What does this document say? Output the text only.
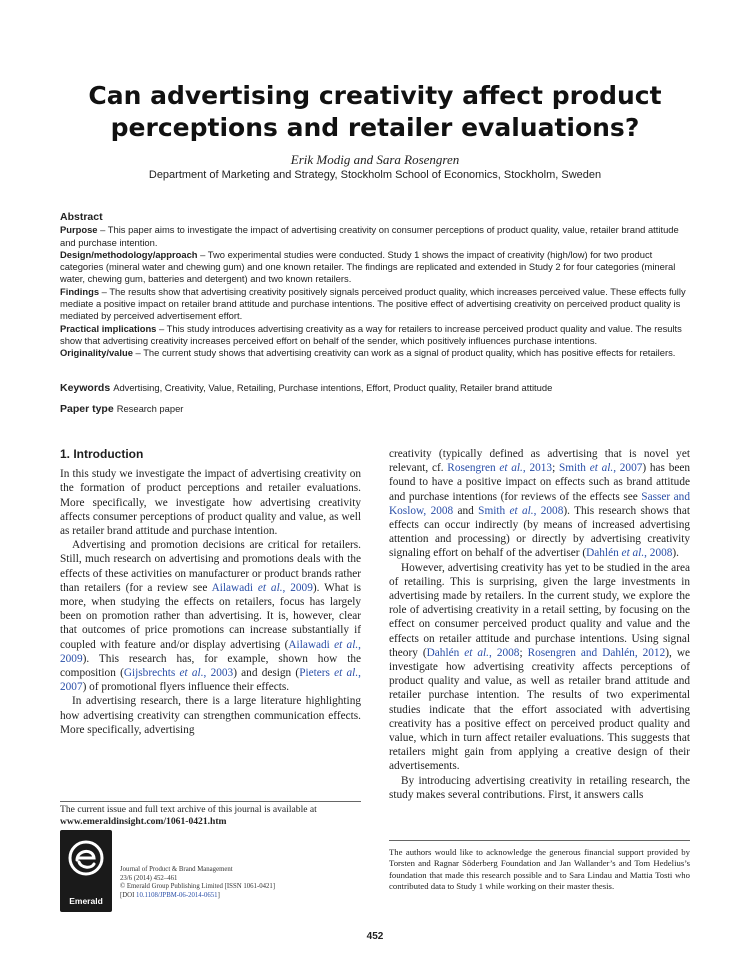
Can advertising creativity affect product
perceptions and retailer evaluations?
Erik Modig and Sara Rosengren
Department of Marketing and Strategy, Stockholm School of Economics, Stockholm, Sweden
Abstract

Purpose – This paper aims to investigate the impact of advertising creativity on consumer perceptions of product quality, value, retailer brand attitude and purchase intention.

Design/methodology/approach – Two experimental studies were conducted. Study 1 shows the impact of creativity (high/low) for two product categories (mineral water and chewing gum) and one known retailer. The findings are replicated and extended in Study 2 for four categories (mineral water, chewing gum, batteries and detergent) and two known retailers.

Findings – The results show that advertising creativity positively signals perceived product quality, which increases perceived value. These effects fully mediate a positive impact on retailer brand attitude and purchase intentions. The positive effect of advertising creativity on perceived product quality is mediated by perceived advertisement effort.

Practical implications – This study introduces advertising creativity as a way for retailers to increase perceived product quality and value. The results show that advertising creativity increases perceived effort on behalf of the sender, which positively influences purchase intentions.

Originality/value – The current study shows that advertising creativity can work as a signal of product quality, which has positive effects for retailers.

Keywords Advertising, Creativity, Value, Retailing, Purchase intentions, Effort, Product quality, Retailer brand attitude
Paper type Research paper
1. Introduction

In this study we investigate the impact of advertising creativity on the formation of product perceptions and retailer evaluations. More specifically, we investigate how advertising creativity affects consumer perceptions of product quality and value, as well as retailer brand attitude and purchase intention.

Advertising and promotion decisions are critical for retailers. Still, much research on advertising and promotions deals with the effects of these activities on manufacturer or product brands rather than retailers (for a review see Ailawadi et al., 2009). What is more, when studying the effects on retailers, focus has largely been on promotion rather than advertising. It is, however, clear that outcomes of price promotions can increase substantially if coupled with feature and/or display advertising (Ailawadi et al., 2009). This research has, for example, shown how the composition (Gijsbrechts et al., 2003) and design (Pieters et al., 2007) of promotional flyers influence their effects.

In advertising research, there is a large literature highlighting how advertising creativity can strengthen communication effects. More specifically, advertising

creativity (typically defined as advertising that is novel yet relevant, cf. Rosengren et al., 2013; Smith et al., 2007) has been found to have a positive impact on effects such as brand attitude and purchase intentions (for reviews of the effects see Sasser and Koslow, 2008 and Smith et al., 2008). This research shows that effects can occur indirectly (by means of increased advertising attention and processing) or directly by advertising creativity signaling effort on behalf of the advertiser (Dahlén et al., 2008).

However, advertising creativity has yet to be studied in the area of retailing. This is surprising, given the large investments in advertising made by retailers. In the current study, we explore the role of advertising creativity in a retail setting, by focusing on the effect on consumer perceived product quality and value and the effects on retailer attitude and purchase intentions. Using signal theory (Dahlén et al., 2008; Rosengren and Dahlén, 2012), we investigate how advertising creativity affects perceptions of product quality and value, as well as retailer brand attitude and retailer purchase intention. The results of two experimental studies indicate that the effort associated with advertising creativity has a positive effect on perceived product quality and value, which in turn affect retailer evaluations. This suggests that retailers might gain from applying a creative design of their advertisements.

By introducing advertising creativity in retailing research, the study makes several contributions. First, it answers calls

The current issue and full text archive of this journal is available at
www.emeraldinsight.com/1061-0421.htm
Emerald
Journal of Product & Brand Management
23/6 (2014) 452–461
© Emerald Group Publishing Limited [ISSN 1061-0421]
[DOI 10.1108/JPBM-06-2014-0651]
The authors would like to acknowledge the generous financial support provided by Torsten and Ragnar Söderberg Foundation and Jan Wallander’s and Tom Hedelius’s foundation that made this research possible and to Sara Lindau and Mattia Tosti who contributed data to Study 1 while working on their master thesis.
452
